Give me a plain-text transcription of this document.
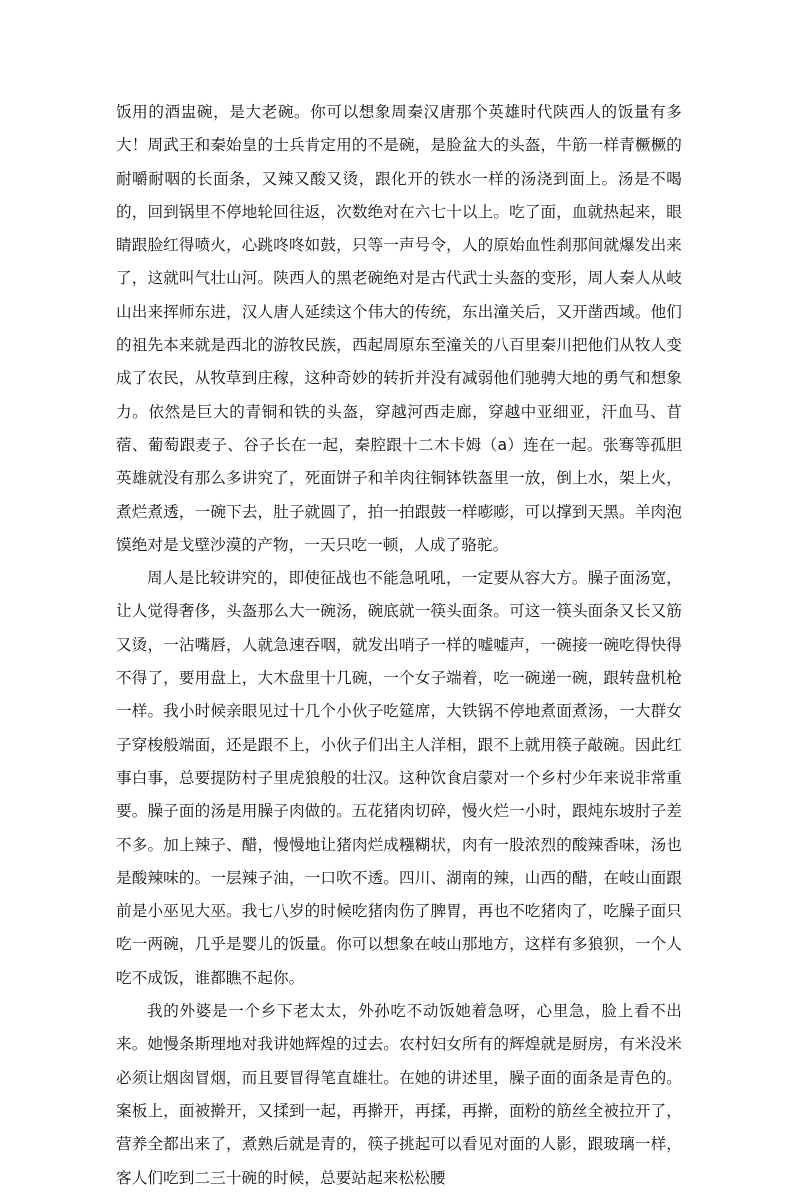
饭用的酒盅碗，是大老碗。你可以想象周秦汉唐那个英雄时代陕西人的饭量有多大！周武王和秦始皇的士兵肯定用的不是碗，是脸盆大的头盔，牛筋一样青橛橛的耐嚼耐咽的长面条，又辣又酸又烫，跟化开的铁水一样的汤浇到面上。汤是不喝的，回到锅里不停地轮回往返，次数绝对在六七十以上。吃了面，血就热起来，眼睛跟脸红得喷火，心跳咚咚如鼓，只等一声号令，人的原始血性刹那间就爆发出来了，这就叫气壮山河。陕西人的黑老碗绝对是古代武士头盔的变形，周人秦人从岐山出来挥师东进，汉人唐人延续这个伟大的传统，东出潼关后，又开凿西域。他们的祖先本来就是西北的游牧民族，西起周原东至潼关的八百里秦川把他们从牧人变成了农民，从牧草到庄稼，这种奇妙的转折并没有减弱他们驰骋大地的勇气和想象力。依然是巨大的青铜和铁的头盔，穿越河西走廊，穿越中亚细亚，汗血马、苜蓿、葡萄跟麦子、谷子长在一起，秦腔跟十二木卡姆（a）连在一起。张骞等孤胆英雄就没有那么多讲究了，死面饼子和羊肉往铜钵铁盔里一放，倒上水，架上火，煮烂煮透，一碗下去，肚子就圆了，拍一拍跟鼓一样嘭嘭，可以撑到天黑。羊肉泡馍绝对是戈壁沙漠的产物，一天只吃一顿，人成了骆驼。

周人是比较讲究的，即使征战也不能急吼吼，一定要从容大方。臊子面汤宽，让人觉得奢侈，头盔那么大一碗汤，碗底就一筷头面条。可这一筷头面条又长又筋又烫，一沾嘴唇，人就急速吞咽，就发出哨子一样的嘘嘘声，一碗接一碗吃得快得不得了，要用盘上，大木盘里十几碗，一个女子端着，吃一碗递一碗，跟转盘机枪一样。我小时候亲眼见过十几个小伙子吃筵席，大铁锅不停地煮面煮汤，一大群女子穿梭般端面，还是跟不上，小伙子们出主人洋相，跟不上就用筷子敲碗。因此红事白事，总要提防村子里虎狼般的壮汉。这种饮食启蒙对一个乡村少年来说非常重要。臊子面的汤是用臊子肉做的。五花猪肉切碎，慢火烂一小时，跟炖东坡肘子差不多。加上辣子、醋，慢慢地让猪肉烂成糨糊状，肉有一股浓烈的酸辣香味，汤也是酸辣味的。一层辣子油，一口吹不透。四川、湖南的辣，山西的醋，在岐山面跟前是小巫见大巫。我七八岁的时候吃猪肉伤了脾胃，再也不吃猪肉了，吃臊子面只吃一两碗，几乎是婴儿的饭量。你可以想象在岐山那地方，这样有多狼狈，一个人吃不成饭，谁都瞧不起你。

我的外婆是一个乡下老太太，外孙吃不动饭她着急呀，心里急，脸上看不出来。她慢条斯理地对我讲她辉煌的过去。农村妇女所有的辉煌就是厨房，有米没米必须让烟囱冒烟，而且要冒得笔直雄壮。在她的讲述里，臊子面的面条是青色的。案板上，面被擀开，又揉到一起，再擀开，再揉，再擀，面粉的筋丝全被拉开了，营养全都出来了，煮熟后就是青的，筷子挑起可以看见对面的人影，跟玻璃一样，客人们吃到二三十碗的时候，总要站起来松松腰
